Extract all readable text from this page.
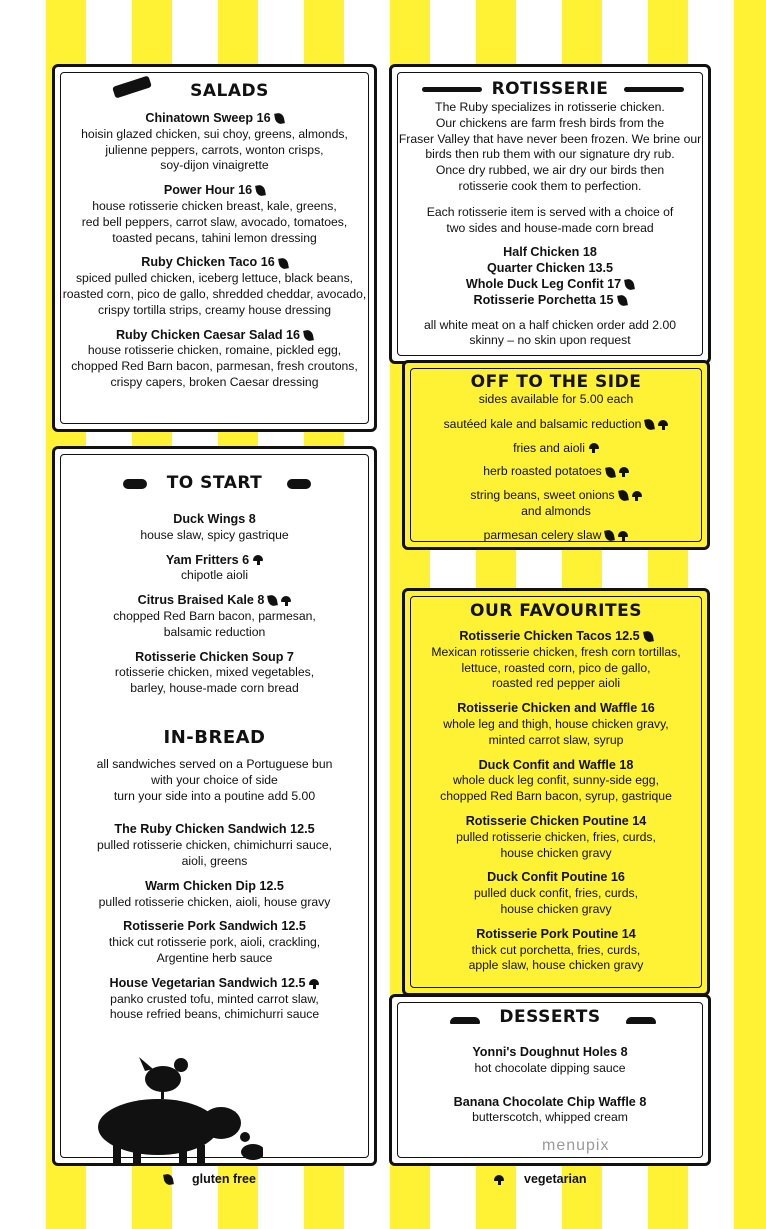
SALADS
Chinatown Sweep 16
hoisin glazed chicken, sui choy, greens, almonds,
julienne peppers, carrots, wonton crisps,
soy-dijon vinaigrette
Power Hour 16
house rotisserie chicken breast, kale, greens,
red bell peppers, carrot slaw, avocado, tomatoes,
toasted pecans, tahini lemon dressing
Ruby Chicken Taco 16
spiced pulled chicken, iceberg lettuce, black beans,
roasted corn, pico de gallo, shredded cheddar, avocado,
crispy tortilla strips, creamy house dressing
Ruby Chicken Caesar Salad 16
house rotisserie chicken, romaine, pickled egg,
chopped Red Barn bacon, parmesan, fresh croutons,
crispy capers, broken Caesar dressing
ROTISSERIE
The Ruby specializes in rotisserie chicken.
Our chickens are farm fresh birds from the
Fraser Valley that have never been frozen. We brine our
birds then rub them with our signature dry rub.
Once dry rubbed, we air dry our birds then
rotisserie cook them to perfection.
Each rotisserie item is served with a choice of
two sides and house-made corn bread
Half Chicken 18
Quarter Chicken 13.5
Whole Duck Leg Confit 17
Rotisserie Porchetta 15
all white meat on a half chicken order add 2.00
skinny – no skin upon request
OFF TO THE SIDE
sides available for 5.00 each
sautéed kale and balsamic reduction
fries and aioli
herb roasted potatoes
string beans, sweet onions
and almonds
parmesan celery slaw
TO START
Duck Wings 8
house slaw, spicy gastrique
Yam Fritters 6
chipotle aioli
Citrus Braised Kale 8
chopped Red Barn bacon, parmesan,
balsamic reduction
Rotisserie Chicken Soup 7
rotisserie chicken, mixed vegetables,
barley, house-made corn bread
IN-BREAD
all sandwiches served on a Portuguese bun
with your choice of side
turn your side into a poutine add 5.00
The Ruby Chicken Sandwich 12.5
pulled rotisserie chicken, chimichurri sauce,
aioli, greens
Warm Chicken Dip 12.5
pulled rotisserie chicken, aioli, house gravy
Rotisserie Pork Sandwich 12.5
thick cut rotisserie pork, aioli, crackling,
Argentine herb sauce
House Vegetarian Sandwich 12.5
panko crusted tofu, minted carrot slaw,
house refried beans, chimichurri sauce
OUR FAVOURITES
Rotisserie Chicken Tacos 12.5
Mexican rotisserie chicken, fresh corn tortillas,
lettuce, roasted corn, pico de gallo,
roasted red pepper aioli
Rotisserie Chicken and Waffle 16
whole leg and thigh, house chicken gravy,
minted carrot slaw, syrup
Duck Confit and Waffle 18
whole duck leg confit, sunny-side egg,
chopped Red Barn bacon, syrup, gastrique
Rotisserie Chicken Poutine 14
pulled rotisserie chicken, fries, curds,
house chicken gravy
Duck Confit Poutine 16
pulled duck confit, fries, curds,
house chicken gravy
Rotisserie Pork Poutine 14
thick cut porchetta, fries, curds,
apple slaw, house chicken gravy
DESSERTS
Yonni's Doughnut Holes 8
hot chocolate dipping sauce
Banana Chocolate Chip Waffle 8
butterscotch, whipped cream
menupix
gluten free	vegetarian
